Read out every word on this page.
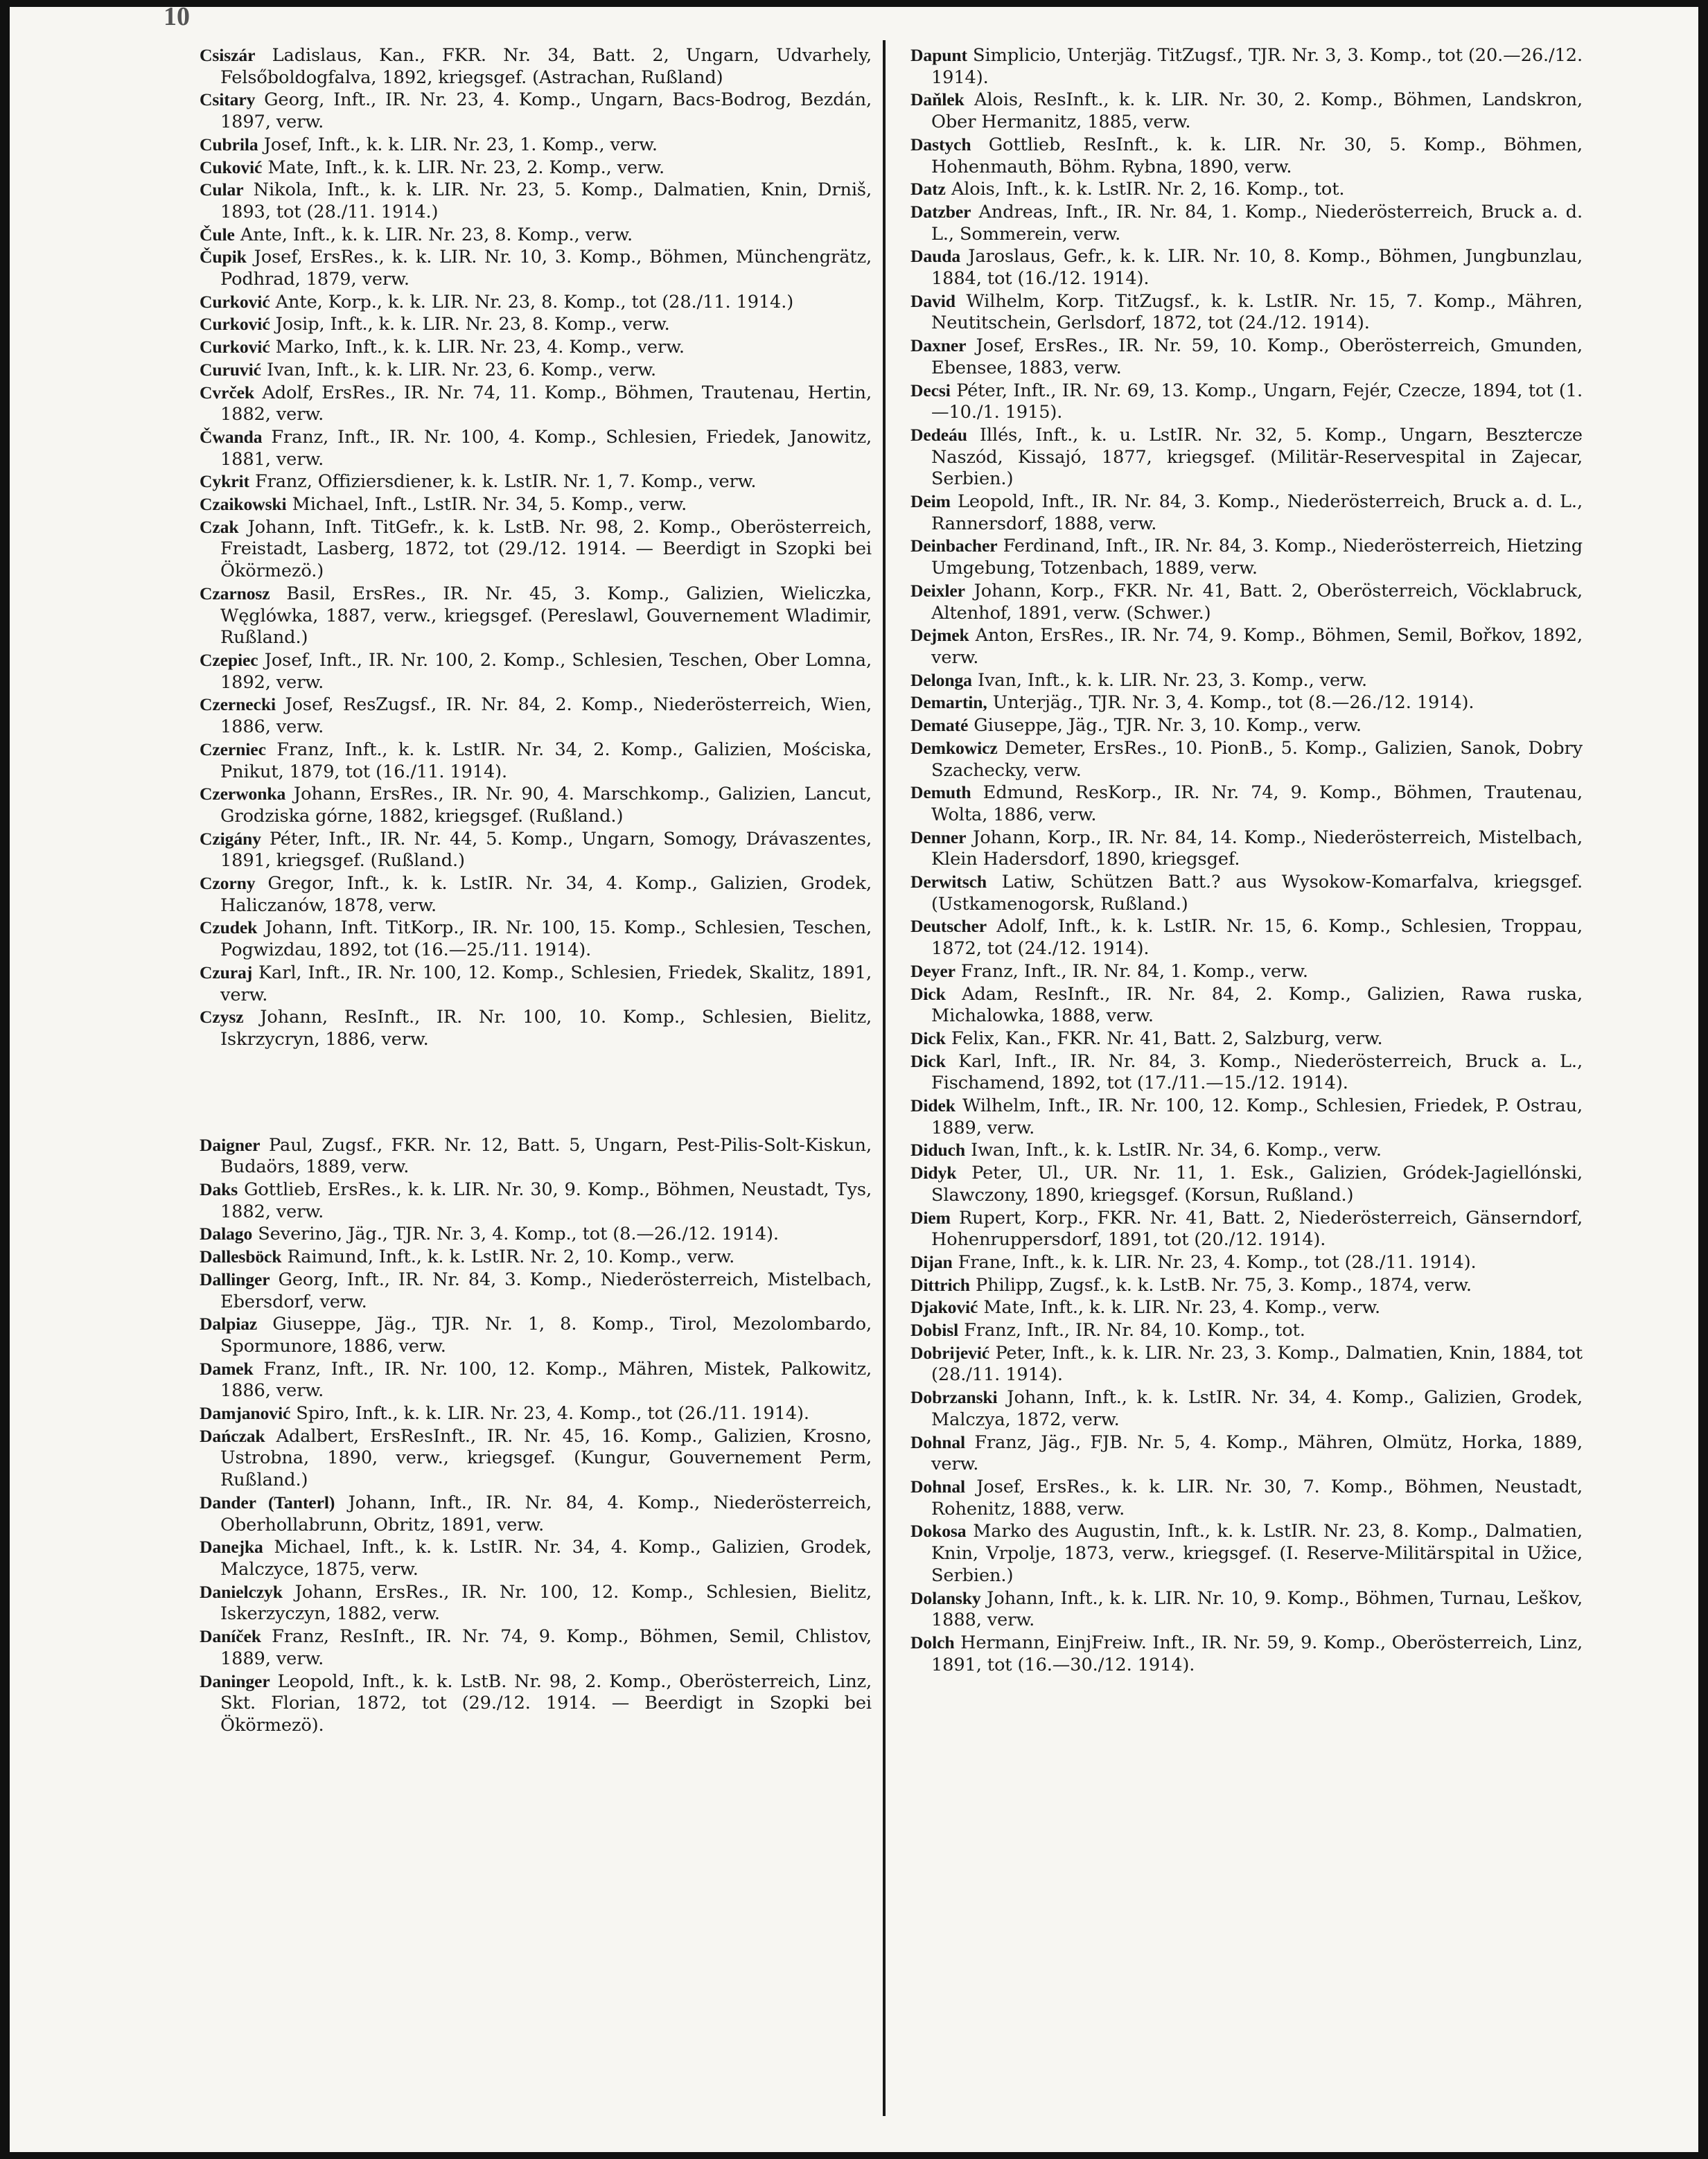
10
Csiszár Ladislaus, Kan., FKR. Nr. 34, Batt. 2, Ungarn, Udvarhely, Felsőboldogfalva, 1892, kriegsgef. (Astrachan, Rußland)
Csitary Georg, Inft., IR. Nr. 23, 4. Komp., Ungarn, Bacs-Bodrog, Bezdán, 1897, verw.
Cubrila Josef, Inft., k. k. LIR. Nr. 23, 1. Komp., verw.
Cuković Mate, Inft., k. k. LIR. Nr. 23, 2. Komp., verw.
Cular Nikola, Inft., k. k. LIR. Nr. 23, 5. Komp., Dalmatien, Knin, Drniš, 1893, tot (28./11. 1914.)
Čule Ante, Inft., k. k. LIR. Nr. 23, 8. Komp., verw.
Čupik Josef, ErsRes., k. k. LIR. Nr. 10, 3. Komp., Böhmen, Münchengrätz, Podhrad, 1879, verw.
Curković Ante, Korp., k. k. LIR. Nr. 23, 8. Komp., tot (28./11. 1914.)
Curković Josip, Inft., k. k. LIR. Nr. 23, 8. Komp., verw.
Curković Marko, Inft., k. k. LIR. Nr. 23, 4. Komp., verw.
Curuvić Ivan, Inft., k. k. LIR. Nr. 23, 6. Komp., verw.
Cvrček Adolf, ErsRes., IR. Nr. 74, 11. Komp., Böhmen, Trautenau, Hertin, 1882, verw.
Čwanda Franz, Inft., IR. Nr. 100, 4. Komp., Schlesien, Friedek, Janowitz, 1881, verw.
Cykrit Franz, Offiziersdiener, k. k. LstIR. Nr. 1, 7. Komp., verw.
Czaikowski Michael, Inft., LstIR. Nr. 34, 5. Komp., verw.
Czak Johann, Inft. TitGefr., k. k. LstB. Nr. 98, 2. Komp., Oberösterreich, Freistadt, Lasberg, 1872, tot (29./12. 1914. — Beerdigt in Szopki bei Ökörmezö.)
Czarnosz Basil, ErsRes., IR. Nr. 45, 3. Komp., Galizien, Wieliczka, Węglówka, 1887, verw., kriegsgef. (Pereslawl, Gouvernement Wladimir, Rußland.)
Czepiec Josef, Inft., IR. Nr. 100, 2. Komp., Schlesien, Teschen, Ober Lomna, 1892, verw.
Czernecki Josef, ResZugsf., IR. Nr. 84, 2. Komp., Niederösterreich, Wien, 1886, verw.
Czerniec Franz, Inft., k. k. LstIR. Nr. 34, 2. Komp., Galizien, Mościska, Pnikut, 1879, tot (16./11. 1914).
Czerwonka Johann, ErsRes., IR. Nr. 90, 4. Marschkomp., Galizien, Lancut, Grodziska górne, 1882, kriegsgef. (Rußland.)
Czigány Péter, Inft., IR. Nr. 44, 5. Komp., Ungarn, Somogy, Drávaszentes, 1891, kriegsgef. (Rußland.)
Czorny Gregor, Inft., k. k. LstIR. Nr. 34, 4. Komp., Galizien, Grodek, Haliczanów, 1878, verw.
Czudek Johann, Inft. TitKorp., IR. Nr. 100, 15. Komp., Schlesien, Teschen, Pogwizdau, 1892, tot (16.—25./11. 1914).
Czuraj Karl, Inft., IR. Nr. 100, 12. Komp., Schlesien, Friedek, Skalitz, 1891, verw.
Czysz Johann, ResInft., IR. Nr. 100, 10. Komp., Schlesien, Bielitz, Iskrzycryn, 1886, verw.
Daigner Paul, Zugsf., FKR. Nr. 12, Batt. 5, Ungarn, Pest-Pilis-Solt-Kiskun, Budaörs, 1889, verw.
Daks Gottlieb, ErsRes., k. k. LIR. Nr. 30, 9. Komp., Böhmen, Neustadt, Tys, 1882, verw.
Dalago Severino, Jäg., TJR. Nr. 3, 4. Komp., tot (8.—26./12. 1914).
Dallesböck Raimund, Inft., k. k. LstIR. Nr. 2, 10. Komp., verw.
Dallinger Georg, Inft., IR. Nr. 84, 3. Komp., Niederösterreich, Mistelbach, Ebersdorf, verw.
Dalpiaz Giuseppe, Jäg., TJR. Nr. 1, 8. Komp., Tirol, Mezolombardo, Spormunore, 1886, verw.
Damek Franz, Inft., IR. Nr. 100, 12. Komp., Mähren, Mistek, Palkowitz, 1886, verw.
Damjanović Spiro, Inft., k. k. LIR. Nr. 23, 4. Komp., tot (26./11. 1914).
Dańczak Adalbert, ErsResInft., IR. Nr. 45, 16. Komp., Galizien, Krosno, Ustrobna, 1890, verw., kriegsgef. (Kungur, Gouvernement Perm, Rußland.)
Dander (Tanterl) Johann, Inft., IR. Nr. 84, 4. Komp., Niederösterreich, Oberhollabrunn, Obritz, 1891, verw.
Danejka Michael, Inft., k. k. LstIR. Nr. 34, 4. Komp., Galizien, Grodek, Malczyce, 1875, verw.
Danielczyk Johann, ErsRes., IR. Nr. 100, 12. Komp., Schlesien, Bielitz, Iskerzyczyn, 1882, verw.
Daníček Franz, ResInft., IR. Nr. 74, 9. Komp., Böhmen, Semil, Chlistov, 1889, verw.
Daninger Leopold, Inft., k. k. LstB. Nr. 98, 2. Komp., Oberösterreich, Linz, Skt. Florian, 1872, tot (29./12. 1914. — Beerdigt in Szopki bei Ökörmezö).
Dapunt Simplicio, Unterjäg. TitZugsf., TJR. Nr. 3, 3. Komp., tot (20.—26./12. 1914).
Daňlek Alois, ResInft., k. k. LIR. Nr. 30, 2. Komp., Böhmen, Landskron, Ober Hermanitz, 1885, verw.
Dastych Gottlieb, ResInft., k. k. LIR. Nr. 30, 5. Komp., Böhmen, Hohenmauth, Böhm. Rybna, 1890, verw.
Datz Alois, Inft., k. k. LstIR. Nr. 2, 16. Komp., tot.
Datzber Andreas, Inft., IR. Nr. 84, 1. Komp., Niederösterreich, Bruck a. d. L., Sommerein, verw.
Dauda Jaroslaus, Gefr., k. k. LIR. Nr. 10, 8. Komp., Böhmen, Jungbunzlau, 1884, tot (16./12. 1914).
David Wilhelm, Korp. TitZugsf., k. k. LstIR. Nr. 15, 7. Komp., Mähren, Neutitschein, Gerlsdorf, 1872, tot (24./12. 1914).
Daxner Josef, ErsRes., IR. Nr. 59, 10. Komp., Oberösterreich, Gmunden, Ebensee, 1883, verw.
Decsi Péter, Inft., IR. Nr. 69, 13. Komp., Ungarn, Fejér, Czecze, 1894, tot (1.—10./1. 1915).
Dedeáu Illés, Inft., k. u. LstIR. Nr. 32, 5. Komp., Ungarn, Besztercze Naszód, Kissajó, 1877, kriegsgef. (Militär-Reservespital in Zajecar, Serbien.)
Deim Leopold, Inft., IR. Nr. 84, 3. Komp., Niederösterreich, Bruck a. d. L., Rannersdorf, 1888, verw.
Deinbacher Ferdinand, Inft., IR. Nr. 84, 3. Komp., Niederösterreich, Hietzing Umgebung, Totzenbach, 1889, verw.
Deixler Johann, Korp., FKR. Nr. 41, Batt. 2, Oberösterreich, Vöcklabruck, Altenhof, 1891, verw. (Schwer.)
Dejmek Anton, ErsRes., IR. Nr. 74, 9. Komp., Böhmen, Semil, Bořkov, 1892, verw.
Delonga Ivan, Inft., k. k. LIR. Nr. 23, 3. Komp., verw.
Demartin, Unterjäg., TJR. Nr. 3, 4. Komp., tot (8.—26./12. 1914).
Dematé Giuseppe, Jäg., TJR. Nr. 3, 10. Komp., verw.
Demkowicz Demeter, ErsRes., 10. PionB., 5. Komp., Galizien, Sanok, Dobry Szachecky, verw.
Demuth Edmund, ResKorp., IR. Nr. 74, 9. Komp., Böhmen, Trautenau, Wolta, 1886, verw.
Denner Johann, Korp., IR. Nr. 84, 14. Komp., Niederösterreich, Mistelbach, Klein Hadersdorf, 1890, kriegsgef.
Derwitsch Latiw, Schützen Batt.? aus Wysokow-Komarfalva, kriegsgef. (Ustkamenogorsk, Rußland.)
Deutscher Adolf, Inft., k. k. LstIR. Nr. 15, 6. Komp., Schlesien, Troppau, 1872, tot (24./12. 1914).
Deyer Franz, Inft., IR. Nr. 84, 1. Komp., verw.
Dick Adam, ResInft., IR. Nr. 84, 2. Komp., Galizien, Rawa ruska, Michalowka, 1888, verw.
Dick Felix, Kan., FKR. Nr. 41, Batt. 2, Salzburg, verw.
Dick Karl, Inft., IR. Nr. 84, 3. Komp., Niederösterreich, Bruck a. L., Fischamend, 1892, tot (17./11.—15./12. 1914).
Didek Wilhelm, Inft., IR. Nr. 100, 12. Komp., Schlesien, Friedek, P. Ostrau, 1889, verw.
Diduch Iwan, Inft., k. k. LstIR. Nr. 34, 6. Komp., verw.
Didyk Peter, Ul., UR. Nr. 11, 1. Esk., Galizien, Gródek-Jagiellónski, Slawczony, 1890, kriegsgef. (Korsun, Rußland.)
Diem Rupert, Korp., FKR. Nr. 41, Batt. 2, Niederösterreich, Gänserndorf, Hohenruppersdorf, 1891, tot (20./12. 1914).
Dijan Frane, Inft., k. k. LIR. Nr. 23, 4. Komp., tot (28./11. 1914).
Dittrich Philipp, Zugsf., k. k. LstB. Nr. 75, 3. Komp., 1874, verw.
Djaković Mate, Inft., k. k. LIR. Nr. 23, 4. Komp., verw.
Dobisl Franz, Inft., IR. Nr. 84, 10. Komp., tot.
Dobrijević Peter, Inft., k. k. LIR. Nr. 23, 3. Komp., Dalmatien, Knin, 1884, tot (28./11. 1914).
Dobrzanski Johann, Inft., k. k. LstIR. Nr. 34, 4. Komp., Galizien, Grodek, Malczya, 1872, verw.
Dohnal Franz, Jäg., FJB. Nr. 5, 4. Komp., Mähren, Olmütz, Horka, 1889, verw.
Dohnal Josef, ErsRes., k. k. LIR. Nr. 30, 7. Komp., Böhmen, Neustadt, Rohenitz, 1888, verw.
Dokosa Marko des Augustin, Inft., k. k. LstIR. Nr. 23, 8. Komp., Dalmatien, Knin, Vrpolje, 1873, verw., kriegsgef. (I. Reserve-Militärspital in Užice, Serbien.)
Dolansky Johann, Inft., k. k. LIR. Nr. 10, 9. Komp., Böhmen, Turnau, Leškov, 1888, verw.
Dolch Hermann, EinjFreiw. Inft., IR. Nr. 59, 9. Komp., Oberösterreich, Linz, 1891, tot (16.—30./12. 1914).
